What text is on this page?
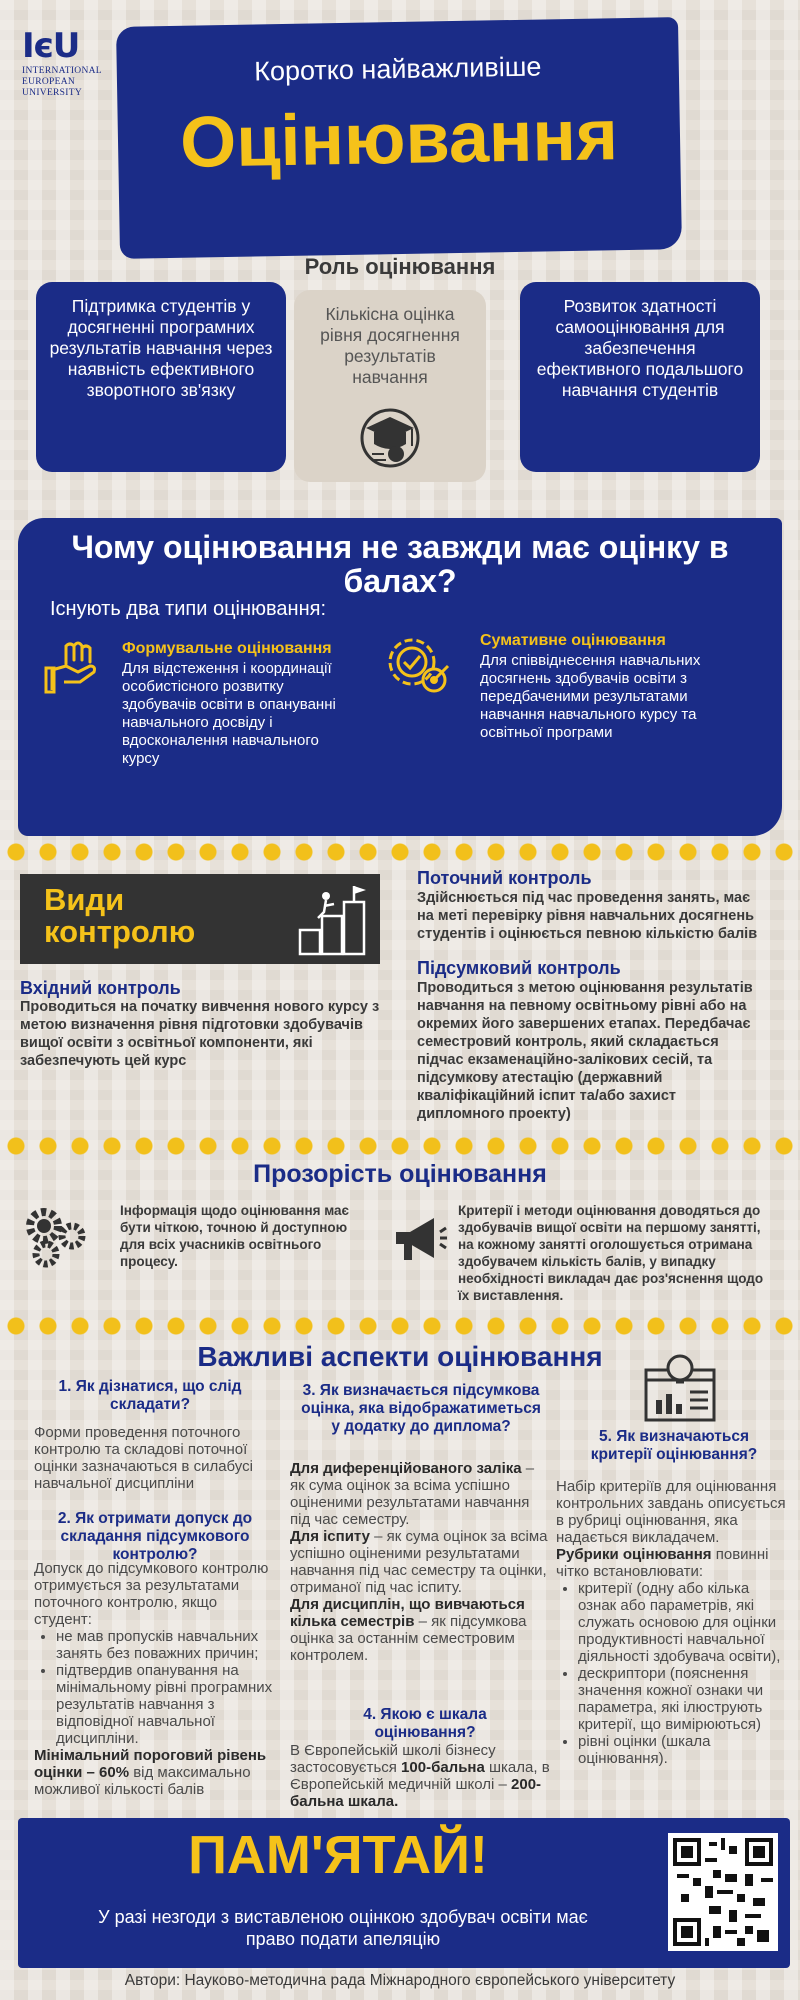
ІєU
INTERNATIONAL
EUROPEAN
UNIVERSITY
Коротко найважливіше
Оцінювання
Роль оцінювання
Підтримка студентів у досягненні програмних результатів навчання через наявність ефективного зворотного зв'язку
Кількісна оцінка рівня досягнення результатів навчання
Розвиток здатності самооцінювання для забезпечення ефективного подальшого навчання студентів
Чому оцінювання не завжди має оцінку в балах?
Існують два типи оцінювання:
Формувальне оцінювання
Для відстеження і координації особистісного розвитку здобувачів освіти в опануванні навчального досвіду і вдосконалення навчального курсу
Сумативне оцінювання
Для співвіднесення навчальних досягнень здобувачів освіти з передбаченими результатами навчання навчального курсу та освітньої програми
Види
контролю
Поточний контроль
Здійснюється під час проведення занять, має на меті перевірку рівня навчальних досягнень студентів і оцінюється певною кількістю балів
Підсумковий контроль
Проводиться з метою оцінювання результатів навчання на певному освітньому рівні або на окремих його завершених етапах. Передбачає семестровий контроль, який складається підчас екзаменаційно-залікових сесій, та підсумкову атестацію (державний кваліфікаційний іспит та/або захист дипломного проекту)
Вхідний контроль
Проводиться на початку вивчення нового курсу з метою визначення рівня підготовки здобувачів вищої освіти з освітньої компоненти, які забезпечують цей курс
Прозорість оцінювання
Інформація щодо оцінювання має бути чіткою, точною й доступною для всіх учасників освітнього процесу.
Критерії і методи оцінювання доводяться до здобувачів вищої освіти на першому занятті, на кожному занятті оголошується отримана здобувачем кількість балів, у випадку необхідності викладач дає роз'яснення щодо їх виставлення.
Важливі аспекти оцінювання
1. Як дізнатися, що слід складати?
Форми проведення поточного контролю та складові поточної оцінки зазначаються в силабусі навчальної дисципліни
2. Як отримати допуск до складання підсумкового контролю?
Допуск до підсумкового контролю отримується за результатами поточного контролю, якщо студент:
• не мав пропусків навчальних занять без поважних причин;
• підтвердив опанування на мінімальному рівні програмних результатів навчання з відповідної навчальної дисципліни.
Мінімальний пороговий рівень оцінки – 60% від максимально можливої кількості балів
3. Як визначається підсумкова оцінка, яка відображатиметься у додатку до диплома?
Для диференційованого заліка – як сума оцінок за всіма успішно оціненими результатами навчання під час семестру.
Для іспиту – як сума оцінок за всіма успішно оціненими результатами навчання під час семестру та оцінки, отриманої під час іспиту.
Для дисциплін, що вивчаються кілька семестрів – як підсумкова оцінка за останнім семестровим контролем.
4. Якою є шкала оцінювання?
В Європейській школі бізнесу застосовується 100-бальна шкала, в Європейській медичній школі – 200-бальна шкала.
5. Як визначаються критерії оцінювання?
Набір критеріїв для оцінювання контрольних завдань описується в рубриці оцінювання, яка надається викладачем.
Рубрики оцінювання повинні чітко встановлювати:
• критерії (одну або кілька ознак або параметрів, які служать основою для оцінки продуктивності навчальної діяльності здобувача освіти),
• дескриптори (пояснення значення кожної ознаки чи параметра, які ілюструють критерії, що вимірюються)
• рівні оцінки (шкала оцінювання).
ПАМ'ЯТАЙ!
У разі незгоди з виставленою оцінкою здобувач освіти має право подати апеляцію
Автори: Науково-методична рада Міжнародного європейського університету
